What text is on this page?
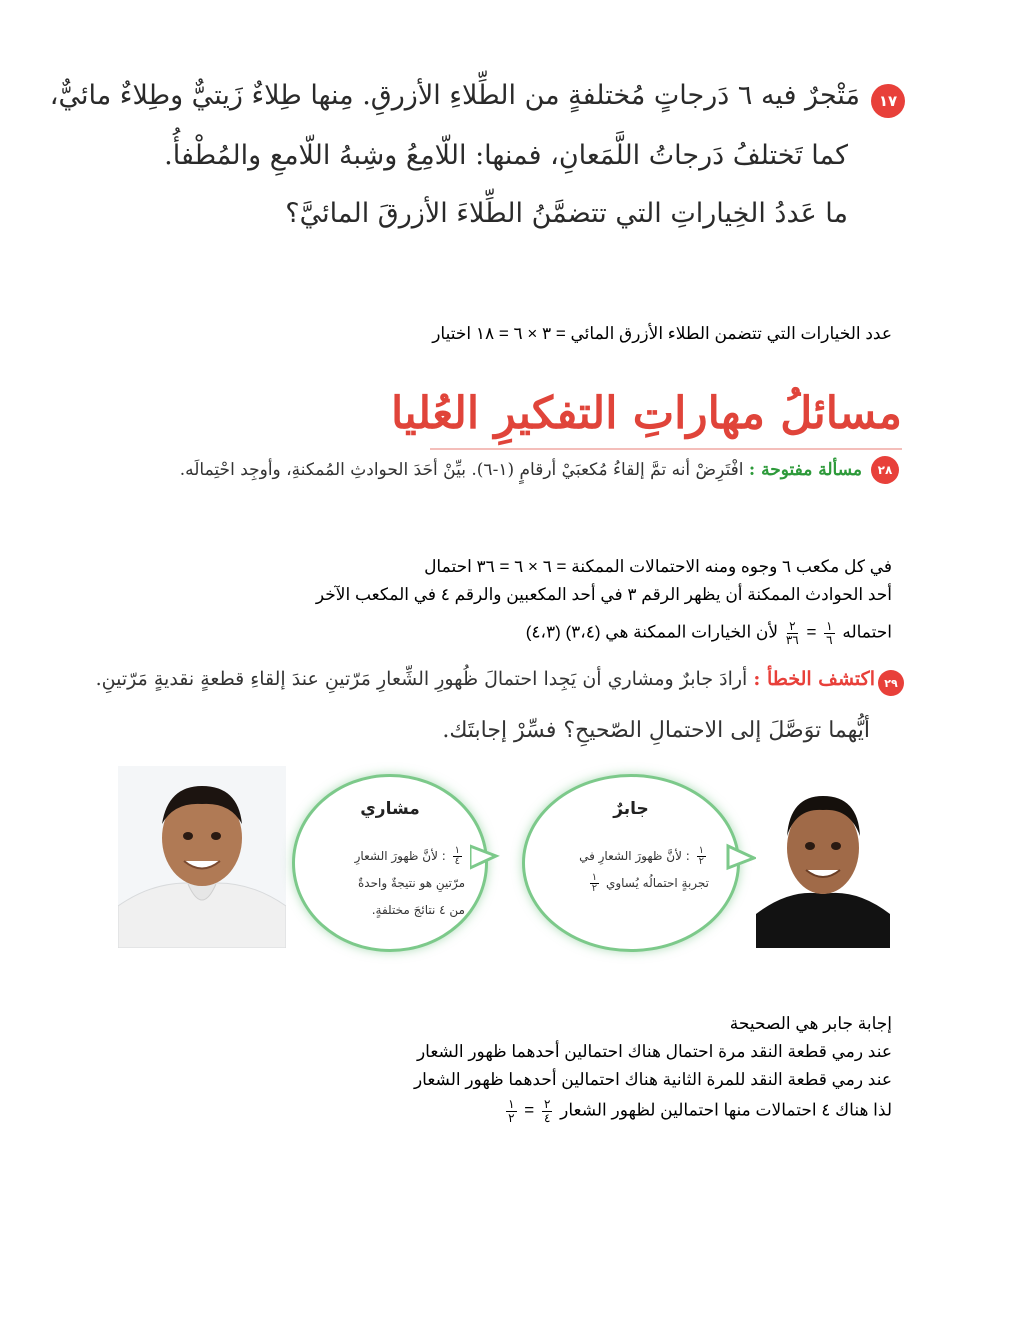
١٧
مَتْجرٌ فيه ٦ دَرجاتٍ مُختلفةٍ من الطِّلاءِ الأزرقِ. مِنها طِلاءٌ زَيتيٌّ وطِلاءٌ مائيٌّ،
كما تَختلفُ دَرجاتُ اللَّمَعانِ، فمنها: اللّامِعُ وشِبهُ اللّامعِ والمُطْفأُ.
ما عَددُ الخِياراتِ التي تتضمَّنُ الطِّلاءَ الأزرقَ المائيَّ؟
عدد الخيارات التي تتضمن الطلاء الأزرق المائي = ٣ × ٦ = ١٨ اختيار
مسائلُ مهاراتِ التفكيرِ العُليا
٢٨
مسألة مفتوحة : افْتَرِضْ أنه تمَّ إلقاءُ مُكعبَيْ أرقامٍ (١-٦). بيِّنْ أحَدَ الحوادثِ المُمكنةِ، وأوجِد احْتِمالَه.
في كل مكعب ٦ وجوه ومنه الاحتمالات الممكنة = ٦ × ٦ = ٣٦ احتمال
أحد الحوادث الممكنة أن يظهر الرقم ٣ في أحد المكعبين والرقم ٤ في المكعب الآخر
احتماله
$\frac{١}{٦}$
=
$\frac{٢}{٣٦}$
لأن الخيارات الممكنة هي (٣،٤) (٤،٣)
٢٩
اكتشف الخطأ : أرادَ جابرٌ ومشاري أن يَجِدا احتمالَ ظُهورِ الشِّعارِ مَرّتينِ عندَ إلقاءِ قطعةٍ نقديةٍ مَرّتينِ.
أيُّهما توَصَّلَ إلى الاحتمالِ الصّحيحِ؟ فسِّرْ إجابتَك.
مشاري
$\frac{١}{٤}$
: لأنَّ ظهورَ الشعارِ
مرّتينِ هو نتيجةٌ واحدةٌ
من ٤ نتائجَ مختلفةٍ.
جابرٌ
$\frac{١}{٢}$
: لأنَّ ظهورَ الشعارِ في
تجربةٍ احتمالُه يُساوي
$\frac{١}{٢}$
إجابة جابر هي الصحيحة
عند رمي قطعة النقد مرة احتمال هناك احتمالين أحدهما ظهور الشعار
عند رمي قطعة النقد للمرة الثانية هناك احتمالين أحدهما ظهور الشعار
لذا هناك ٤ احتمالات منها احتمالين لظهور الشعار
$\frac{٢}{٤}$
=
$\frac{١}{٢}$
